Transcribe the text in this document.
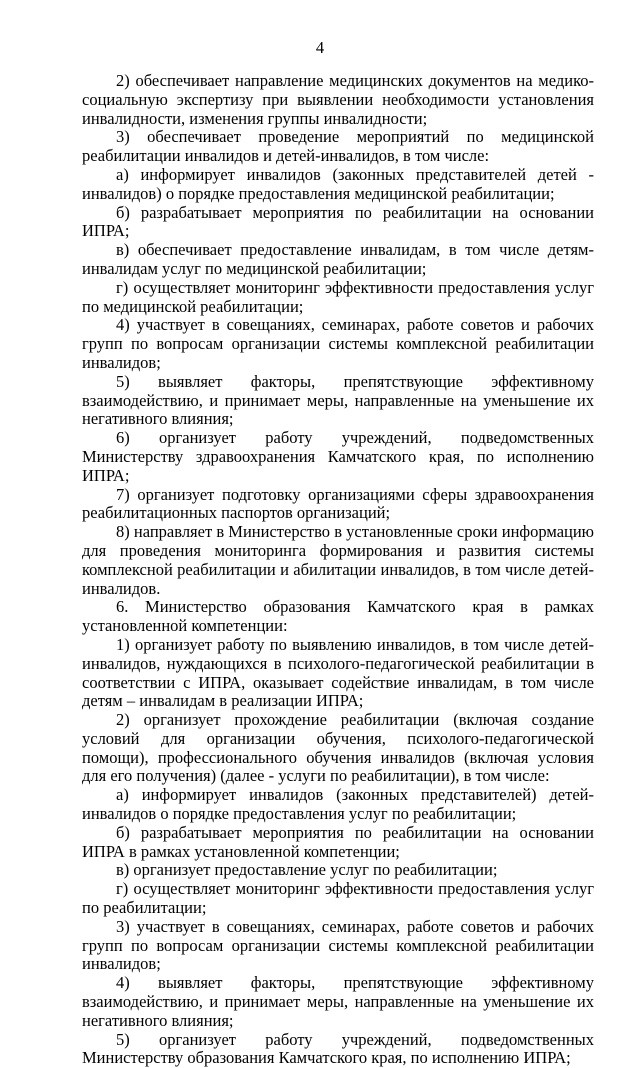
4

2) обеспечивает направление медицинских документов на медико-социальную экспертизу при выявлении необходимости установления инвалидности, изменения группы инвалидности;

3) обеспечивает проведение мероприятий по медицинской реабилитации инвалидов и детей-инвалидов, в том числе:

а) информирует инвалидов (законных представителей детей - инвалидов) о порядке предоставления медицинской реабилитации;

б) разрабатывает мероприятия по реабилитации на основании ИПРА;

в) обеспечивает предоставление инвалидам, в том числе детям-инвалидам услуг по медицинской реабилитации;

г) осуществляет мониторинг эффективности предоставления услуг по медицинской реабилитации;

4) участвует в совещаниях, семинарах, работе советов и рабочих групп по вопросам организации системы комплексной реабилитации инвалидов;

5) выявляет факторы, препятствующие эффективному взаимодействию, и принимает меры, направленные на уменьшение их негативного влияния;

6) организует работу учреждений, подведомственных Министерству здравоохранения Камчатского края, по исполнению ИПРА;

7) организует подготовку организациями сферы здравоохранения реабилитационных паспортов организаций;

8) направляет в Министерство в установленные сроки информацию для проведения мониторинга формирования и развития системы комплексной реабилитации и абилитации инвалидов, в том числе детей-инвалидов.

6. Министерство образования Камчатского края в рамках установленной компетенции:

1) организует работу по выявлению инвалидов, в том числе детей-инвалидов, нуждающихся в психолого-педагогической реабилитации в соответствии с ИПРА, оказывает содействие инвалидам, в том числе детям – инвалидам в реализации ИПРА;

2) организует прохождение реабилитации (включая создание условий для организации обучения, психолого-педагогической помощи), профессионального обучения инвалидов (включая условия для его получения) (далее - услуги по реабилитации), в том числе:

а) информирует инвалидов (законных представителей) детей-инвалидов о порядке предоставления услуг по реабилитации;

б) разрабатывает мероприятия по реабилитации на основании ИПРА в рамках установленной компетенции;

в) организует предоставление услуг по реабилитации;

г) осуществляет мониторинг эффективности предоставления услуг по реабилитации;

3) участвует в совещаниях, семинарах, работе советов и рабочих групп по вопросам организации системы комплексной реабилитации инвалидов;

4) выявляет факторы, препятствующие эффективному взаимодействию, и принимает меры, направленные на уменьшение их негативного влияния;

5) организует работу учреждений, подведомственных Министерству образования Камчатского края, по исполнению ИПРА;
